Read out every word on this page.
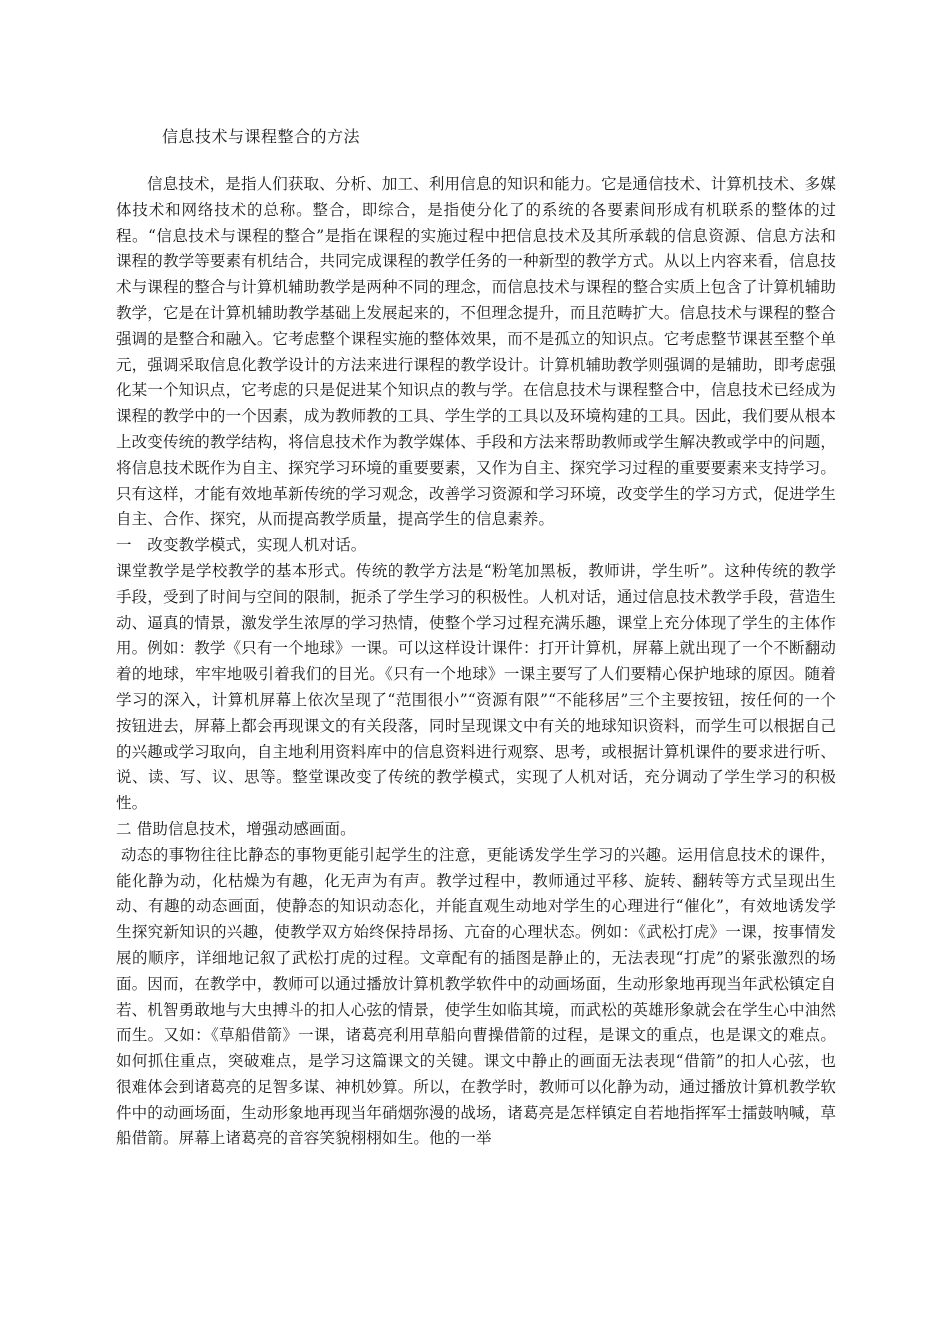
信息技术与课程整合的方法

信息技术，是指人们获取、分析、加工、利用信息的知识和能力。它是通信技术、计算机技术、多媒体技术和网络技术的总称。整合，即综合，是指使分化了的系统的各要素间形成有机联系的整体的过程。“信息技术与课程的整合”是指在课程的实施过程中把信息技术及其所承载的信息资源、信息方法和课程的教学等要素有机结合，共同完成课程的教学任务的一种新型的教学方式。从以上内容来看，信息技术与课程的整合与计算机辅助教学是两种不同的理念，而信息技术与课程的整合实质上包含了计算机辅助教学，它是在计算机辅助教学基础上发展起来的，不但理念提升，而且范畴扩大。信息技术与课程的整合强调的是整合和融入。它考虑整个课程实施的整体效果，而不是孤立的知识点。它考虑整节课甚至整个单元，强调采取信息化教学设计的方法来进行课程的教学设计。计算机辅助教学则强调的是辅助，即考虑强化某一个知识点，它考虑的只是促进某个知识点的教与学。在信息技术与课程整合中，信息技术已经成为课程的教学中的一个因素，成为教师教的工具、学生学的工具以及环境构建的工具。因此，我们要从根本上改变传统的教学结构，将信息技术作为教学媒体、手段和方法来帮助教师或学生解决教或学中的问题，将信息技术既作为自主、探究学习环境的重要要素，又作为自主、探究学习过程的重要要素来支持学习。只有这样，才能有效地革新传统的学习观念，改善学习资源和学习环境，改变学生的学习方式，促进学生自主、合作、探究，从而提高教学质量，提高学生的信息素养。

一　改变教学模式，实现人机对话。

课堂教学是学校教学的基本形式。传统的教学方法是“粉笔加黑板，教师讲，学生听”。这种传统的教学手段，受到了时间与空间的限制，扼杀了学生学习的积极性。人机对话，通过信息技术教学手段，营造生动、逼真的情景，激发学生浓厚的学习热情，使整个学习过程充满乐趣，课堂上充分体现了学生的主体作用。例如：教学《只有一个地球》一课。可以这样设计课件：打开计算机，屏幕上就出现了一个不断翻动着的地球，牢牢地吸引着我们的目光。《只有一个地球》一课主要写了人们要精心保护地球的原因。随着学习的深入，计算机屏幕上依次呈现了“范围很小”“资源有限”“不能移居”三个主要按钮，按任何的一个按钮进去，屏幕上都会再现课文的有关段落，同时呈现课文中有关的地球知识资料，而学生可以根据自己的兴趣或学习取向，自主地利用资料库中的信息资料进行观察、思考，或根据计算机课件的要求进行听、说、读、写、议、思等。整堂课改变了传统的教学模式，实现了人机对话，充分调动了学生学习的积极性。

二 借助信息技术，增强动感画面。

动态的事物往往比静态的事物更能引起学生的注意，更能诱发学生学习的兴趣。运用信息技术的课件，能化静为动，化枯燥为有趣，化无声为有声。教学过程中，教师通过平移、旋转、翻转等方式呈现出生动、有趣的动态画面，使静态的知识动态化，并能直观生动地对学生的心理进行“催化”，有效地诱发学生探究新知识的兴趣，使教学双方始终保持昂扬、亢奋的心理状态。例如：《武松打虎》一课，按事情发展的顺序，详细地记叙了武松打虎的过程。文章配有的插图是静止的，无法表现“打虎”的紧张激烈的场面。因而，在教学中，教师可以通过播放计算机教学软件中的动画场面，生动形象地再现当年武松镇定自若、机智勇敢地与大虫搏斗的扣人心弦的情景，使学生如临其境，而武松的英雄形象就会在学生心中油然而生。又如：《草船借箭》一课，诸葛亮利用草船向曹操借箭的过程，是课文的重点，也是课文的难点。如何抓住重点，突破难点，是学习这篇课文的关键。课文中静止的画面无法表现“借箭”的扣人心弦，也很难体会到诸葛亮的足智多谋、神机妙算。所以，在教学时，教师可以化静为动，通过播放计算机教学软件中的动画场面，生动形象地再现当年硝烟弥漫的战场，诸葛亮是怎样镇定自若地指挥军士擂鼓呐喊，草船借箭。屏幕上诸葛亮的音容笑貌栩栩如生。他的一举
